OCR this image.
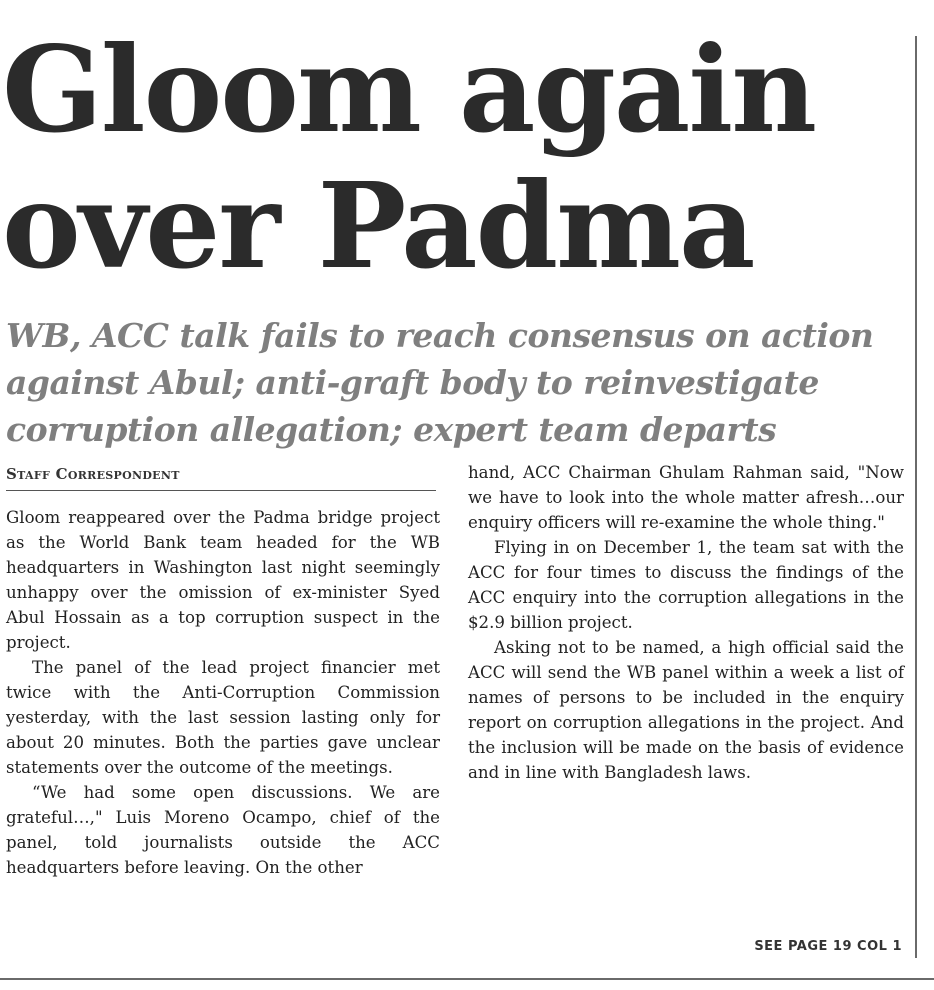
Gloom again
over Padma
WB, ACC talk fails to reach consensus on action
against Abul; anti-graft body to reinvestigate
corruption allegation; expert team departs
Staff Correspondent

Gloom reappeared over the Padma bridge project as the World Bank team headed for the WB headquarters in Washington last night seemingly unhappy over the omission of ex-minister Syed Abul Hossain as a top corruption suspect in the project.

The panel of the lead project financier met twice with the Anti-Corruption Commission yesterday, with the last session lasting only for about 20 minutes. Both the parties gave unclear statements over the outcome of the meetings.

“We had some open discussions. We are grateful…," Luis Moreno Ocampo, chief of the panel, told journalists outside the ACC headquarters before leaving. On the other

hand, ACC Chairman Ghulam Rahman said, "Now we have to look into the whole matter afresh…our enquiry officers will re-examine the whole thing."

Flying in on December 1, the team sat with the ACC for four times to discuss the findings of the ACC enquiry into the corruption allegations in the $2.9 billion project.

Asking not to be named, a high official said the ACC will send the WB panel within a week a list of names of persons to be included in the enquiry report on corruption allegations in the project. And the inclusion will be made on the basis of evidence and in line with Bangladesh laws.

SEE PAGE 19 COL 1
